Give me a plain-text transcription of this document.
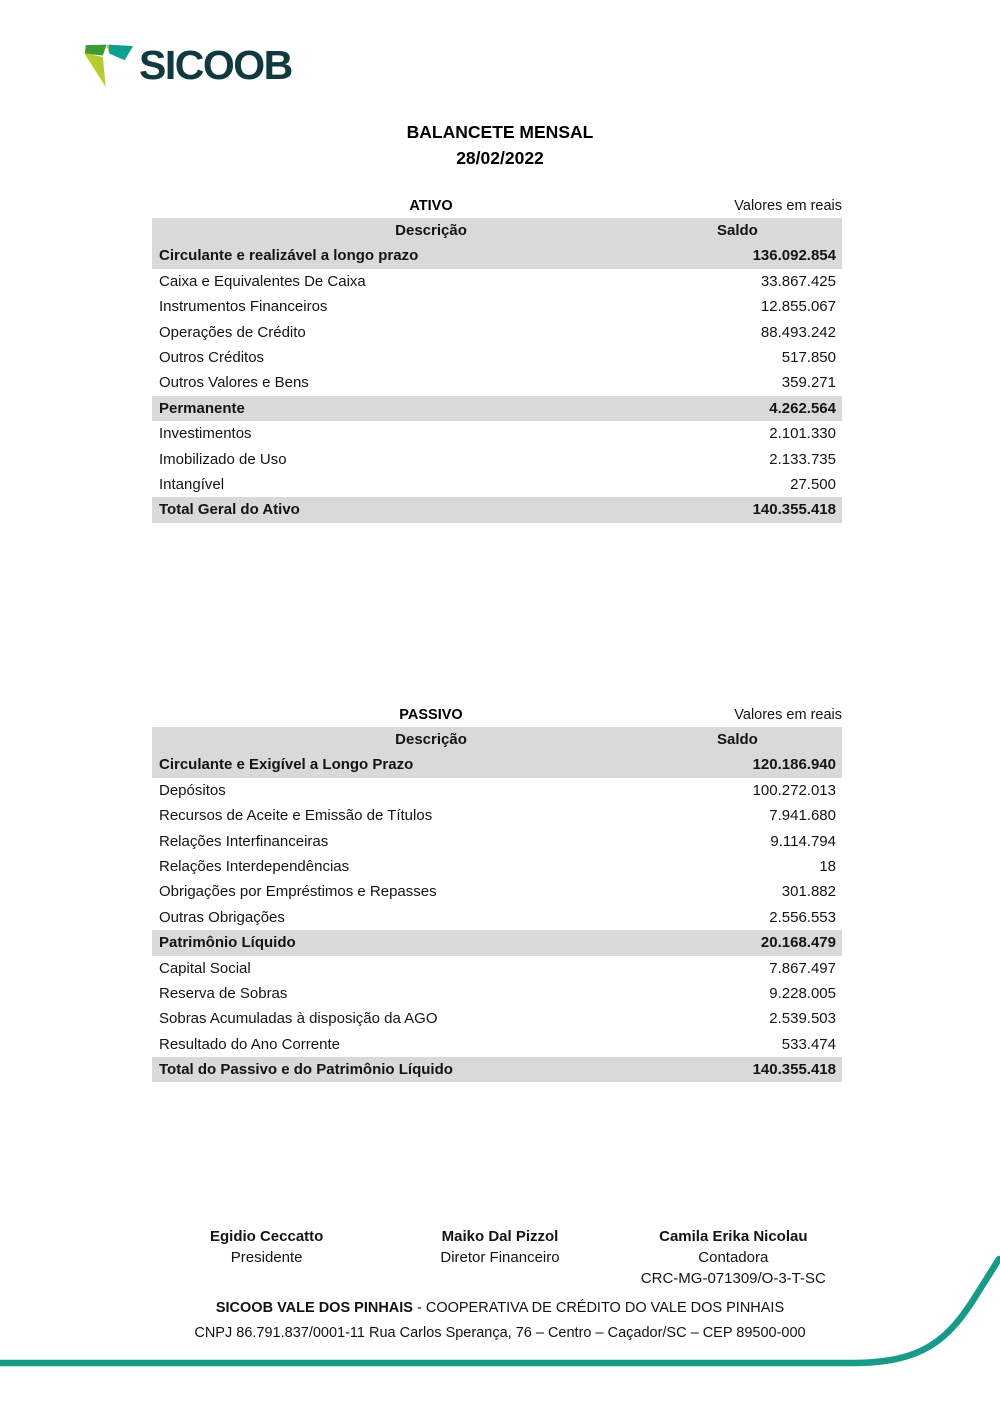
SICOOB
BALANCETE MENSAL
28/02/2022
ATIVO	Valores em reais
Descrição	Saldo
Circulante e realizável a longo prazo	136.092.854
Caixa e Equivalentes De Caixa	33.867.425
Instrumentos Financeiros	12.855.067
Operações de Crédito	88.493.242
Outros Créditos	517.850
Outros Valores e Bens	359.271
Permanente	4.262.564
Investimentos	2.101.330
Imobilizado de Uso	2.133.735
Intangível	27.500
Total Geral do Ativo	140.355.418
PASSIVO	Valores em reais
Descrição	Saldo
Circulante e Exigível a Longo Prazo	120.186.940
Depósitos	100.272.013
Recursos de Aceite e Emissão de Títulos	7.941.680
Relações Interfinanceiras	9.114.794
Relações Interdependências	18
Obrigações por Empréstimos e Repasses	301.882
Outras Obrigações	2.556.553
Patrimônio Líquido	20.168.479
Capital Social	7.867.497
Reserva de Sobras	9.228.005
Sobras Acumuladas à disposição da AGO	2.539.503
Resultado do Ano Corrente	533.474
Total do Passivo e do Patrimônio Líquido	140.355.418
Egidio Ceccatto
Presidente
Maiko Dal Pizzol
Diretor Financeiro
Camila Erika Nicolau
Contadora
CRC-MG-071309/O-3-T-SC
SICOOB VALE DOS PINHAIS - COOPERATIVA DE CRÉDITO DO VALE DOS PINHAIS
CNPJ 86.791.837/0001-11 Rua Carlos Sperança, 76 – Centro – Caçador/SC – CEP 89500-000
